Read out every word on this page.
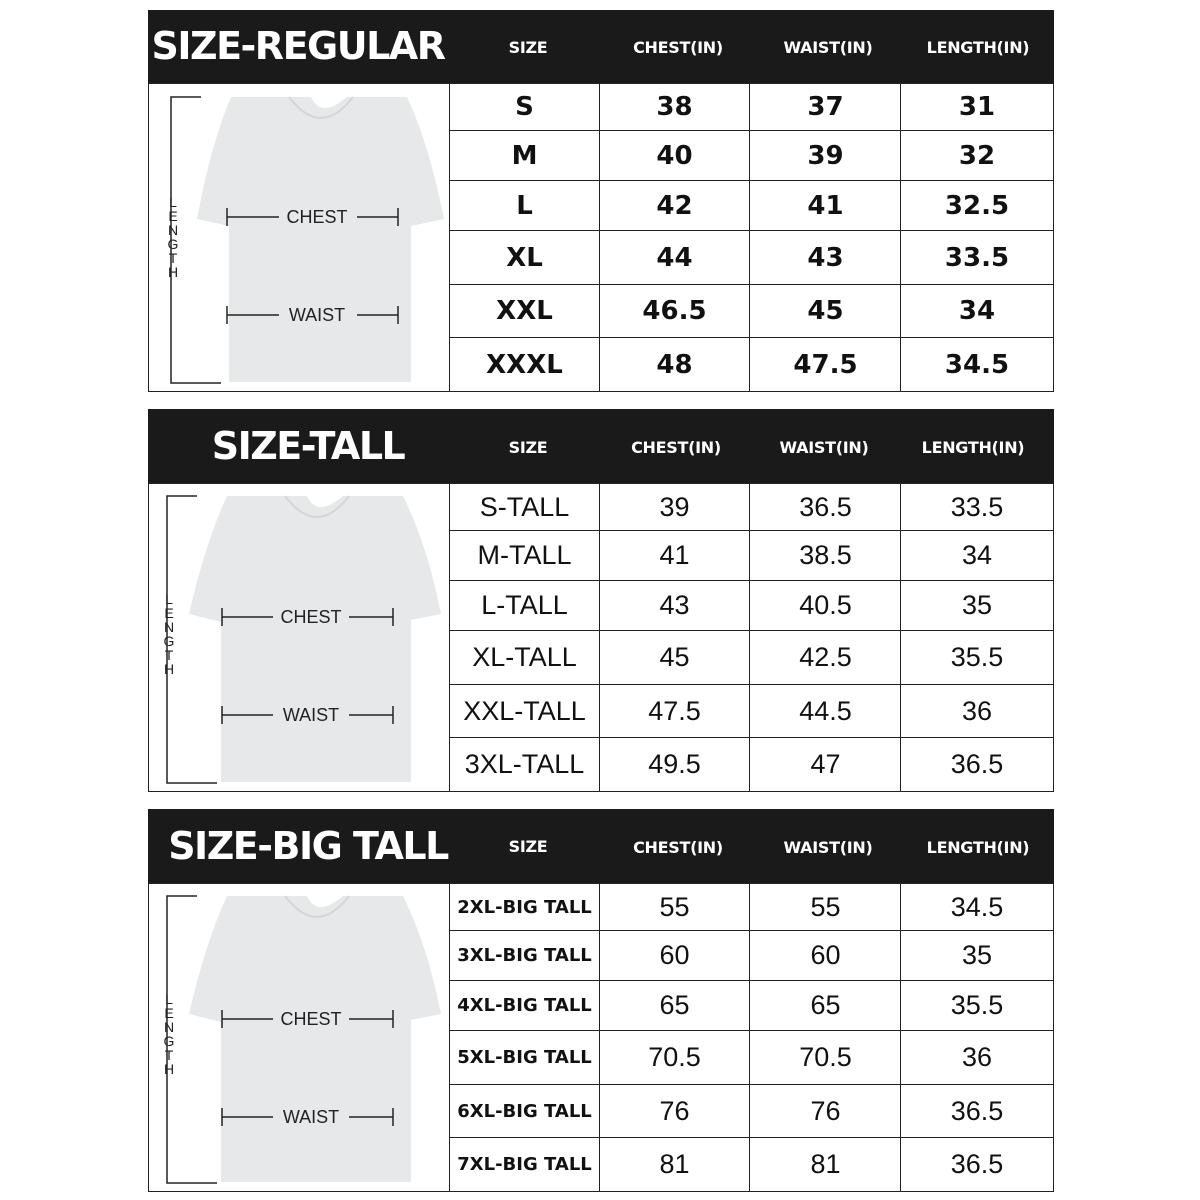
SIZE-REGULAR	SIZE	CHEST(IN)	WAIST(IN)	LENGTH(IN)
L E N G T H
CHEST
WAIST
S	38	37	31
M	40	39	32
L	42	41	32.5
XL	44	43	33.5
XXL	46.5	45	34
XXXL	48	47.5	34.5
SIZE-TALL	SIZE	CHEST(IN)	WAIST(IN)	LENGTH(IN)
L E N G T H
CHEST
WAIST
S-TALL	39	36.5	33.5
M-TALL	41	38.5	34
L-TALL	43	40.5	35
XL-TALL	45	42.5	35.5
XXL-TALL	47.5	44.5	36
3XL-TALL	49.5	47	36.5
SIZE-BIG TALL	SIZE	CHEST(IN)	WAIST(IN)	LENGTH(IN)
L E N G T H
CHEST
WAIST
2XL-BIG TALL	55	55	34.5
3XL-BIG TALL	60	60	35
4XL-BIG TALL	65	65	35.5
5XL-BIG TALL	70.5	70.5	36
6XL-BIG TALL	76	76	36.5
7XL-BIG TALL	81	81	36.5
